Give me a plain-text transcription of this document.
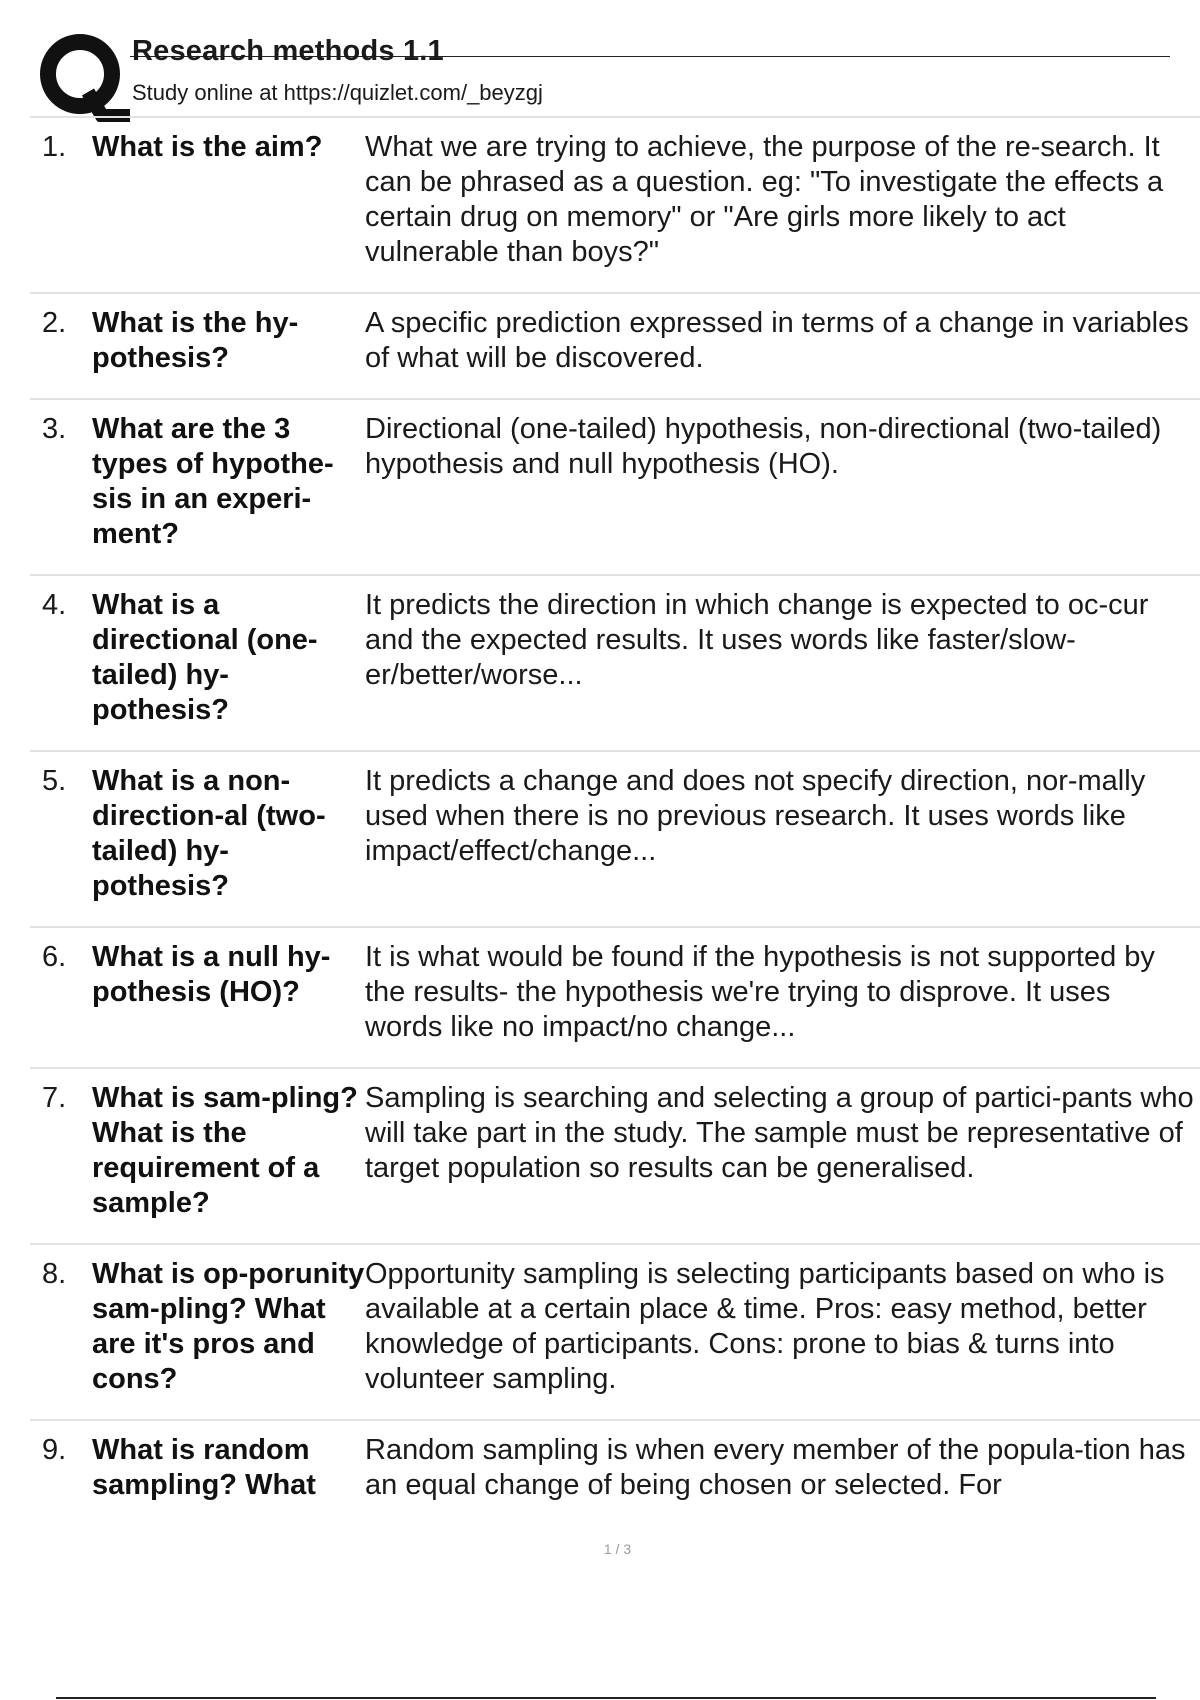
Research methods 1.1
Study online at https://quizlet.com/_beyzgj
1. What is the aim?	What we are trying to achieve, the purpose of the re-search. It can be phrased as a question. eg: "To investigate the effects a certain drug on memory" or "Are girls more likely to act vulnerable than boys?"
2. What is the hy-pothesis?
A specific prediction expressed in terms of a change in variables of what will be discovered.
3. What are the 3 types of hypothe-sis in an experi-ment?
Directional (one-tailed) hypothesis, non-directional (two-tailed) hypothesis and null hypothesis (HO).
4. What is a directional (one-tailed) hy-pothesis?
It predicts the direction in which change is expected to oc-cur and the expected results. It uses words like faster/slow-er/better/worse...
5. What is a non-direction-al (two-tailed) hy-pothesis?
It predicts a change and does not specify direction, nor-mally used when there is no previous research. It uses words like impact/effect/change...
6. What is a null hy-pothesis (HO)?
It is what would be found if the hypothesis is not supported by the results- the hypothesis we're trying to disprove. It uses words like no impact/no change...
7. What is sam-pling? What is the requirement of a sample?
Sampling is searching and selecting a group of partici-pants who will take part in the study. The sample must be representative of target population so results can be generalised.
8. What is op-porunity sam-pling? What are it's pros and cons?
Opportunity sampling is selecting participants based on who is available at a certain place & time. Pros: easy method, better knowledge of participants. Cons: prone to bias & turns into volunteer sampling.
9. What is random sampling? What
Random sampling is when every member of the popula-tion has an equal change of being chosen or selected. For
1 / 3
